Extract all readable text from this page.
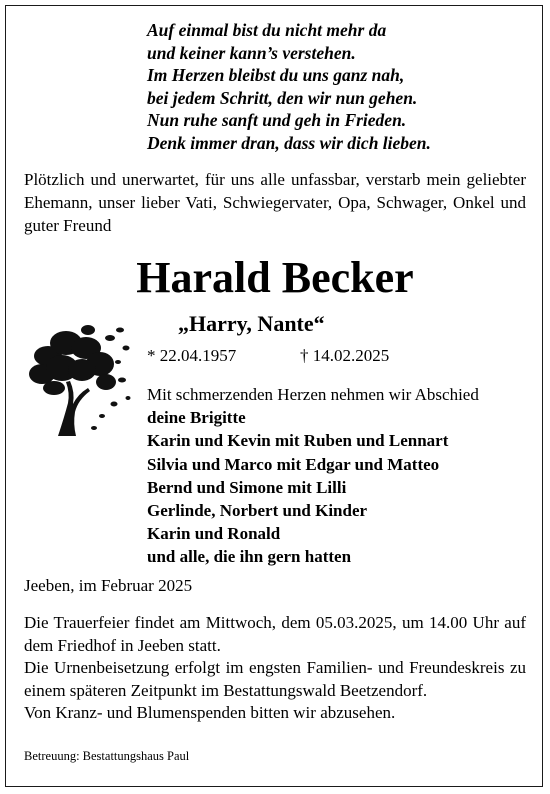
Auf einmal bist du nicht mehr da
und keiner kann’s verstehen.
Im Herzen bleibst du uns ganz nah,
bei jedem Schritt, den wir nun gehen.
Nun ruhe sanft und geh in Frieden.
Denk immer dran, dass wir dich lieben.
Plötzlich und unerwartet, für uns alle unfassbar, verstarb mein geliebter Ehemann, unser lieber Vati, Schwiegervater, Opa, Schwager, Onkel und guter Freund
Harald Becker
„Harry, Nante“
* 22.04.1957	† 14.02.2025
Mit schmerzenden Herzen nehmen wir Abschied
deine Brigitte
Karin und Kevin mit Ruben und Lennart
Silvia und Marco mit Edgar und Matteo
Bernd und Simone mit Lilli
Gerlinde, Norbert und Kinder
Karin und Ronald
und alle, die ihn gern hatten
Jeeben, im Februar 2025

Die Trauerfeier findet am Mittwoch, dem 05.03.2025, um 14.00 Uhr auf dem Friedhof in Jeeben statt.

Die Urnenbeisetzung erfolgt im engsten Familien- und Freundeskreis zu einem späteren Zeitpunkt im Bestattungswald Beetzendorf.

Von Kranz- und Blumenspenden bitten wir abzusehen.

Betreuung: Bestattungshaus Paul
